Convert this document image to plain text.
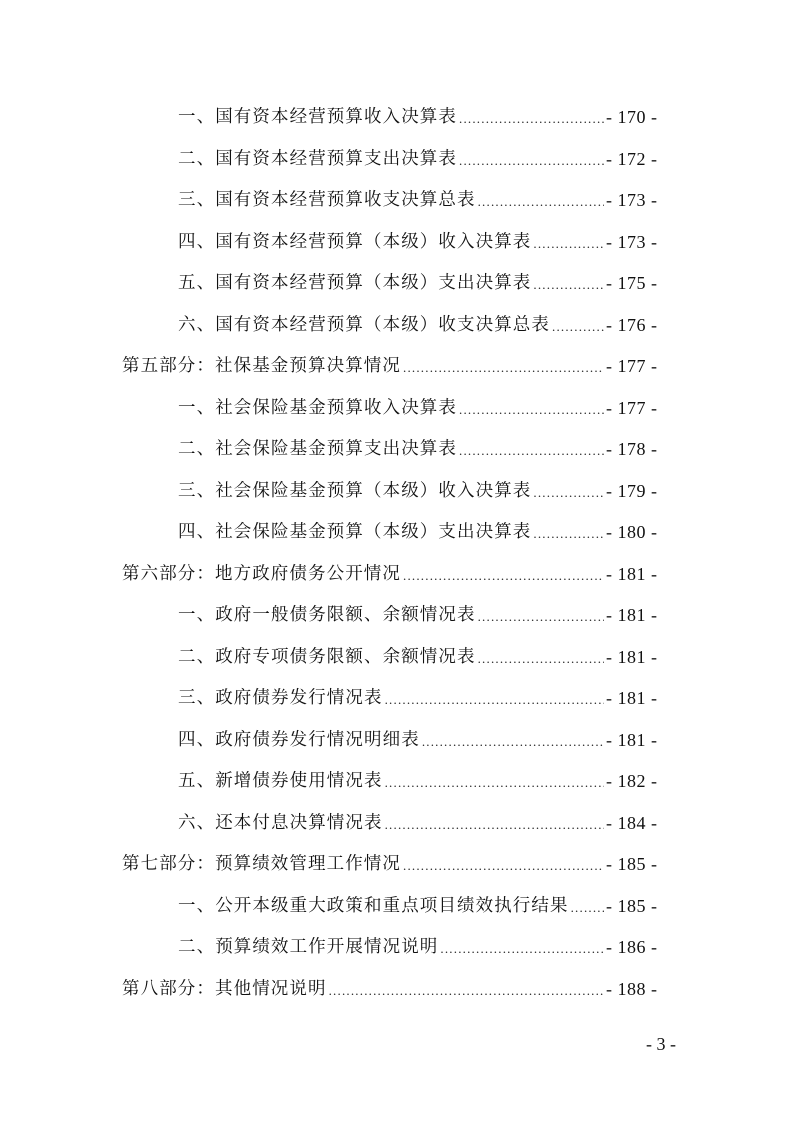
一、国有资本经营预算收入决算表 .....	- 170 -
二、国有资本经营预算支出决算表 .....	- 172 -
三、国有资本经营预算收支决算总表 .....	- 173 -
四、国有资本经营预算（本级）收入决算表 .....	- 173 -
五、国有资本经营预算（本级）支出决算表 .....	- 175 -
六、国有资本经营预算（本级）收支决算总表 .....	- 176 -
第五部分：社保基金预算决算情况 .....	- 177 -
一、社会保险基金预算收入决算表 .....	- 177 -
二、社会保险基金预算支出决算表 .....	- 178 -
三、社会保险基金预算（本级）收入决算表 .....	- 179 -
四、社会保险基金预算（本级）支出决算表 .....	- 180 -
第六部分：地方政府债务公开情况 .....	- 181 -
一、政府一般债务限额、余额情况表 .....	- 181 -
二、政府专项债务限额、余额情况表 .....	- 181 -
三、政府债券发行情况表 .....	- 181 -
四、政府债券发行情况明细表 .....	- 181 -
五、新增债券使用情况表 .....	- 182 -
六、还本付息决算情况表 .....	- 184 -
第七部分：预算绩效管理工作情况 .....	- 185 -
一、公开本级重大政策和重点项目绩效执行结果 ..... - 185 -
二、预算绩效工作开展情况说明 .....	- 186 -
第八部分：其他情况说明 .....	- 188 -
- 3 -
